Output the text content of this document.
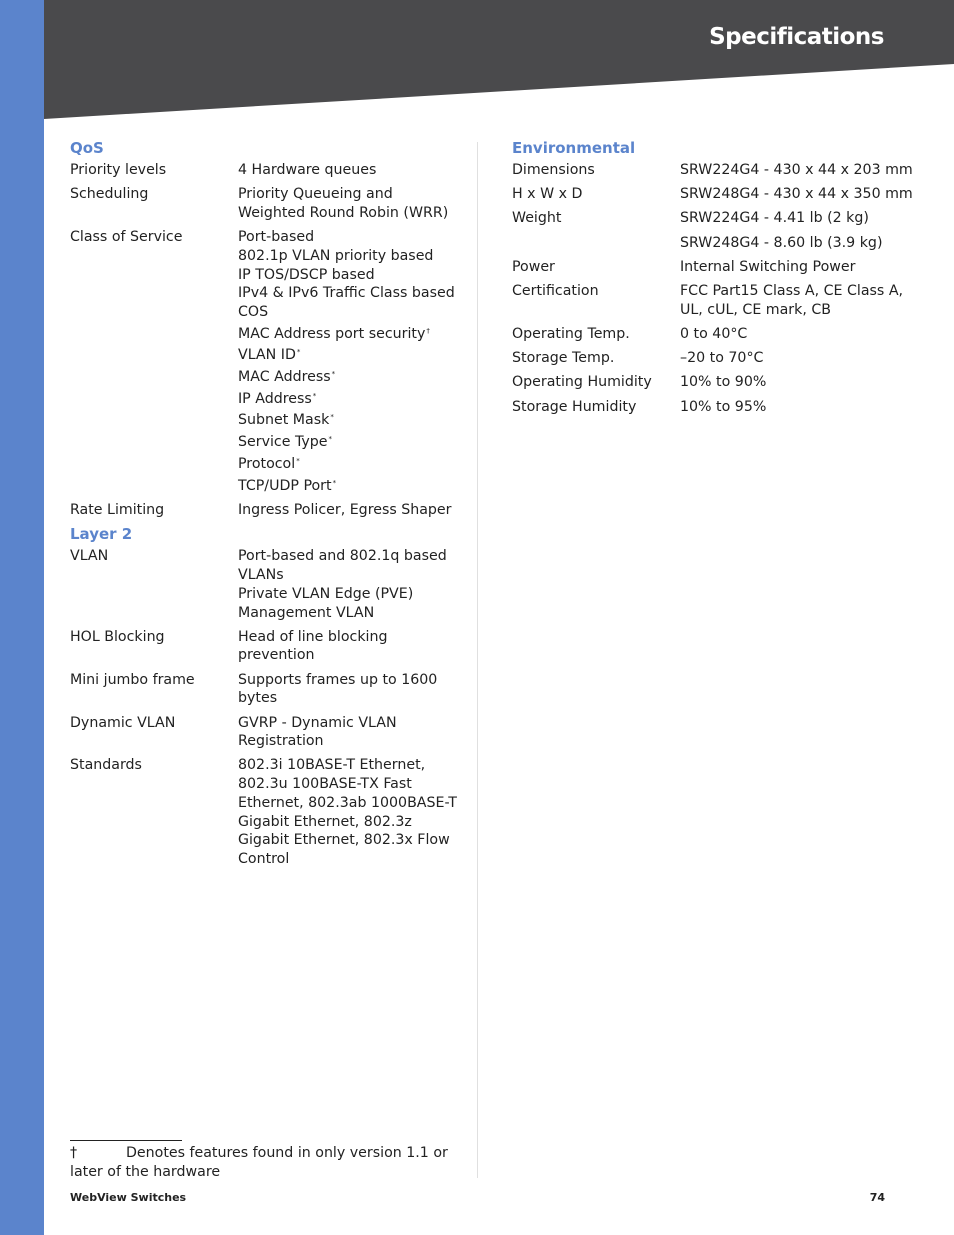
Specifications
QoS
Priority levels	4 Hardware queues
Scheduling	Priority Queueing and
Weighted Round Robin (WRR)
Class of Service	Port-based
802.1p VLAN priority based
IP TOS/DSCP based
IPv4 & IPv6 Traffic Class based
COS
MAC Address port security†
VLAN ID*
MAC Address*
IP Address*
Subnet Mask*
Service Type*
Protocol*
TCP/UDP Port*
Rate Limiting	Ingress Policer, Egress Shaper
Layer 2
VLAN	Port-based and 802.1q based
VLANs
Private VLAN Edge (PVE)
Management VLAN
HOL Blocking	Head of line blocking
prevention
Mini jumbo frame	Supports frames up to 1600
bytes
Dynamic VLAN	GVRP - Dynamic VLAN
Registration
Standards	802.3i 10BASE-T Ethernet,
802.3u 100BASE-TX Fast
Ethernet, 802.3ab 1000BASE-T
Gigabit Ethernet, 802.3z
Gigabit Ethernet, 802.3x Flow
Control
Environmental
Dimensions	SRW224G4 - 430 x 44 x 203 mm
H x W x D	SRW248G4 - 430 x 44 x 350 mm
Weight	SRW224G4 - 4.41 lb (2 kg)
SRW248G4 - 8.60 lb (3.9 kg)
Power	Internal Switching Power
Certification	FCC Part15 Class A, CE Class A,
UL, cUL, CE mark, CB
Operating Temp.	0 to 40°C
Storage Temp.	–20 to 70°C
Operating Humidity	10% to 90%
Storage Humidity	10% to 95%
†	Denotes features found in only version 1.1 or
later of the hardware
WebView Switches	74
